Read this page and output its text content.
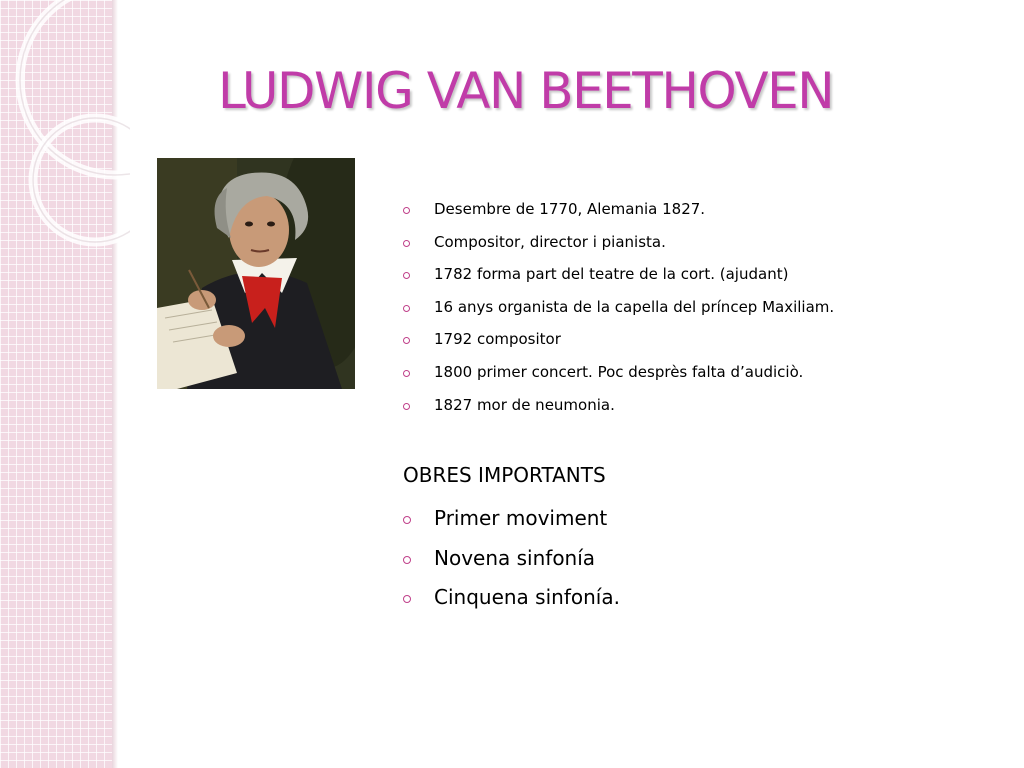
LUDWIG VAN BEETHOVEN
Desembre de 1770, Alemania 1827.
Compositor, director i pianista.
1782 forma part del teatre de la cort. (ajudant)
16 anys organista de la capella del príncep Maxiliam.
1792 compositor
1800 primer concert. Poc desprès falta d’audiciò.
1827 mor de neumonia.
OBRES IMPORTANTS
Primer moviment
Novena sinfonía
Cinquena sinfonía.
